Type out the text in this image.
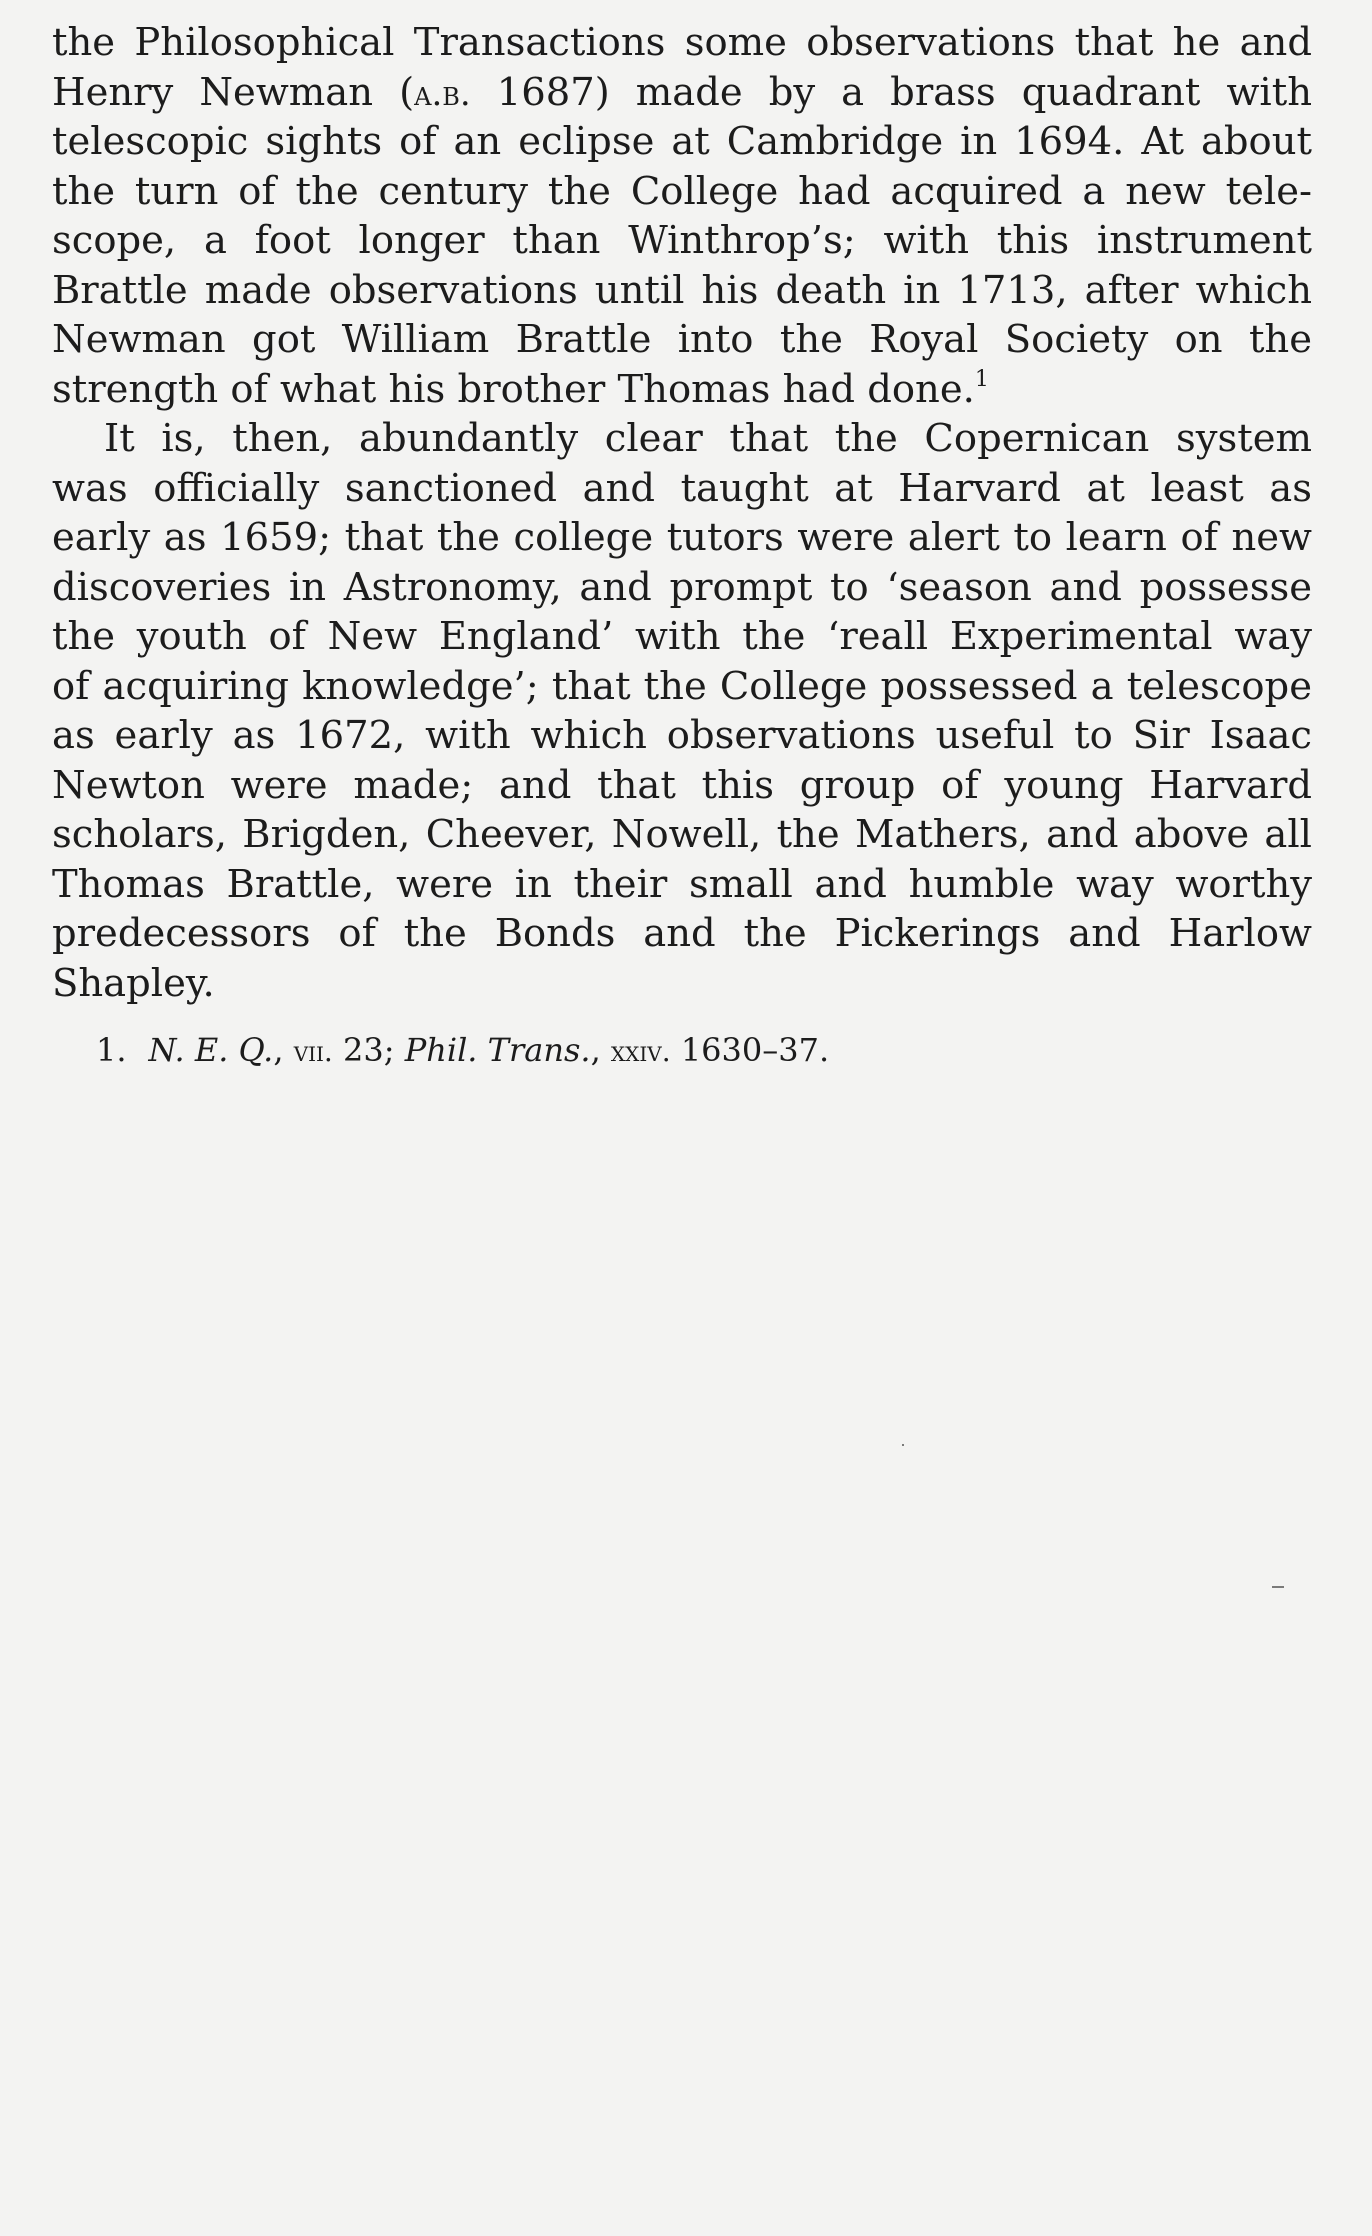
the Philosophical Transactions some observations that he and
Henry Newman (a.b. 1687) made by a brass quadrant with
telescopic sights of an eclipse at Cambridge in 1694. At about
the turn of the century the College had acquired a new tele-
scope, a foot longer than Winthrop’s; with this instrument
Brattle made observations until his death in 1713, after which
Newman got William Brattle into the Royal Society on the
strength of what his brother Thomas had done.$^1$
It is, then, abundantly clear that the Copernican system
was officially sanctioned and taught at Harvard at least as
early as 1659; that the college tutors were alert to learn of new
discoveries in Astronomy, and prompt to ‘season and possesse
the youth of New England’ with the ‘reall Experimental way
of acquiring knowledge’; that the College possessed a telescope
as early as 1672, with which observations useful to Sir Isaac
Newton were made; and that this group of young Harvard
scholars, Brigden, Cheever, Nowell, the Mathers, and above all
Thomas Brattle, were in their small and humble way worthy
predecessors of the Bonds and the Pickerings and Harlow
Shapley.
1. N. E. Q., vii. 23; Phil. Trans., xxiv. 1630–37.
